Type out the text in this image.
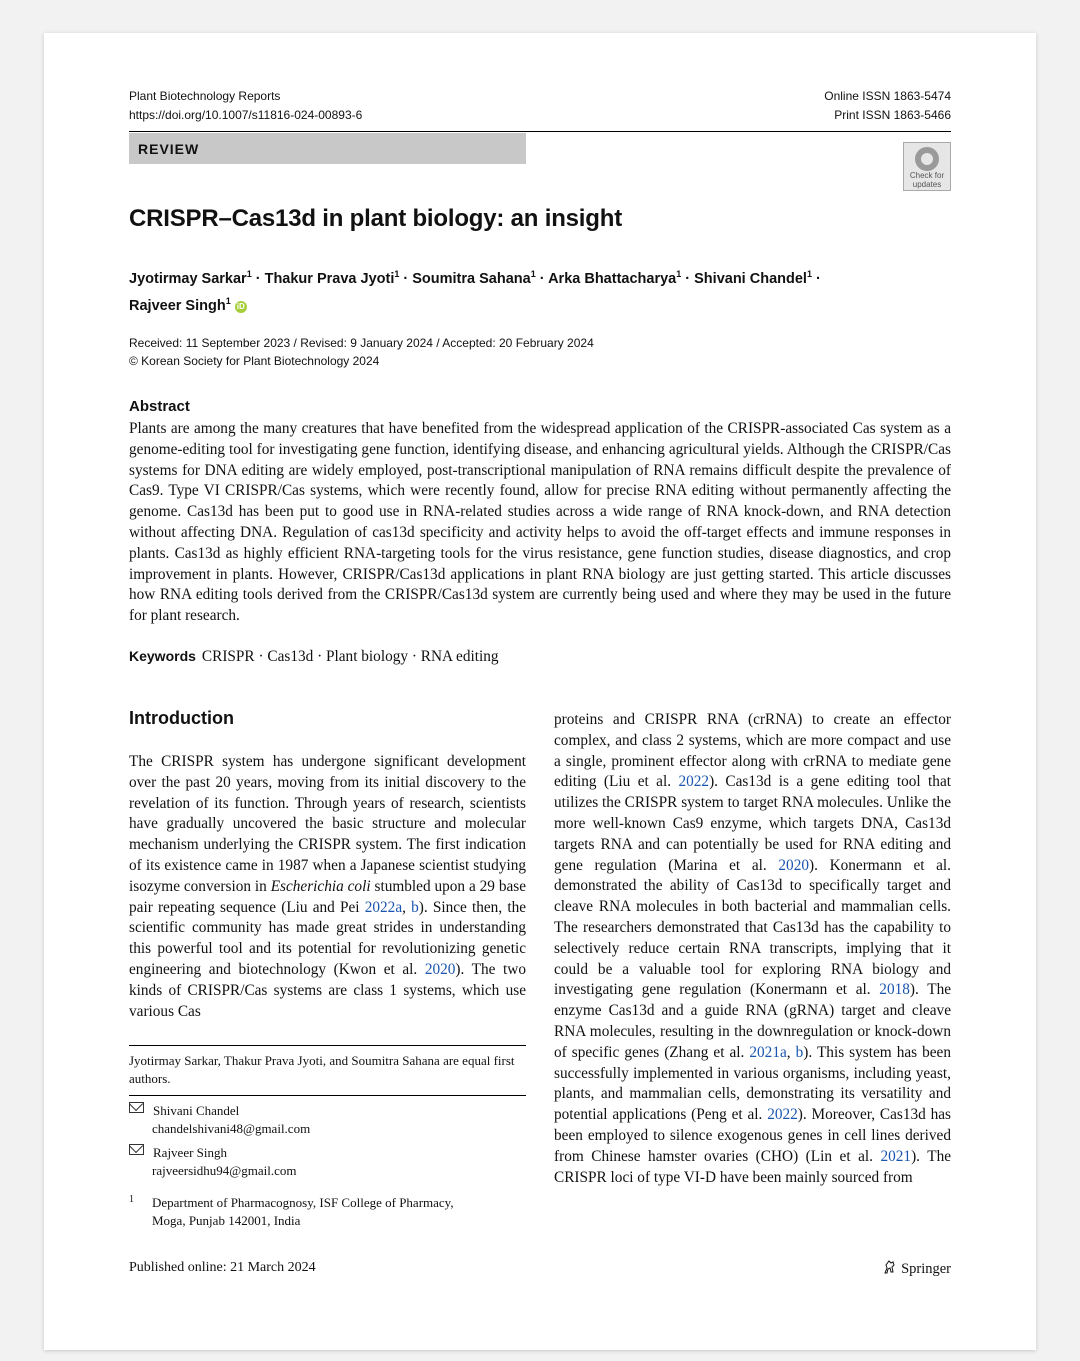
Plant Biotechnology Reports
https://doi.org/10.1007/s11816-024-00893-6
Online ISSN 1863-5474
Print ISSN 1863-5466
REVIEW
Check for
updates
CRISPR–Cas13d in plant biology: an insight
Jyotirmay Sarkar$^1$ · Thakur Prava Jyoti$^1$ · Soumitra Sahana$^1$ · Arka Bhattacharya$^1$ · Shivani Chandel$^1$ ·
Rajveer Singh$^1$ iD
Received: 11 September 2023 / Revised: 9 January 2024 / Accepted: 20 February 2024
© Korean Society for Plant Biotechnology 2024
Abstract
Plants are among the many creatures that have benefited from the widespread application of the CRISPR-associated Cas system as a genome-editing tool for investigating gene function, identifying disease, and enhancing agricultural yields. Although the CRISPR/Cas systems for DNA editing are widely employed, post-transcriptional manipulation of RNA remains difficult despite the prevalence of Cas9. Type VI CRISPR/Cas systems, which were recently found, allow for precise RNA editing without permanently affecting the genome. Cas13d has been put to good use in RNA-related studies across a wide range of RNA knock-down, and RNA detection without affecting DNA. Regulation of cas13d specificity and activity helps to avoid the off-target effects and immune responses in plants. Cas13d as highly efficient RNA-targeting tools for the virus resistance, gene function studies, disease diagnostics, and crop improvement in plants. However, CRISPR/Cas13d applications in plant RNA biology are just getting started. This article discusses how RNA editing tools derived from the CRISPR/Cas13d system are currently being used and where they may be used in the future for plant research.
Keywords CRISPR · Cas13d · Plant biology · RNA editing
Introduction
The CRISPR system has undergone significant development over the past 20 years, moving from its initial discovery to the revelation of its function. Through years of research, scientists have gradually uncovered the basic structure and molecular mechanism underlying the CRISPR system. The first indication of its existence came in 1987 when a Japanese scientist studying isozyme conversion in Escherichia coli stumbled upon a 29 base pair repeating sequence (Liu and Pei 2022a, b). Since then, the scientific community has made great strides in understanding this powerful tool and its potential for revolutionizing genetic engineering and biotechnology (Kwon et al. 2020). The two kinds of CRISPR/Cas systems are class 1 systems, which use various Cas
proteins and CRISPR RNA (crRNA) to create an effector complex, and class 2 systems, which are more compact and use a single, prominent effector along with crRNA to mediate gene editing (Liu et al. 2022). Cas13d is a gene editing tool that utilizes the CRISPR system to target RNA molecules. Unlike the more well-known Cas9 enzyme, which targets DNA, Cas13d targets RNA and can potentially be used for RNA editing and gene regulation (Marina et al. 2020). Konermann et al. demonstrated the ability of Cas13d to specifically target and cleave RNA molecules in both bacterial and mammalian cells. The researchers demonstrated that Cas13d has the capability to selectively reduce certain RNA transcripts, implying that it could be a valuable tool for exploring RNA biology and investigating gene regulation (Konermann et al. 2018). The enzyme Cas13d and a guide RNA (gRNA) target and cleave RNA molecules, resulting in the downregulation or knock-down of specific genes (Zhang et al. 2021a, b). This system has been successfully implemented in various organisms, including yeast, plants, and mammalian cells, demonstrating its versatility and potential applications (Peng et al. 2022). Moreover, Cas13d has been employed to silence exogenous genes in cell lines derived from Chinese hamster ovaries (CHO) (Lin et al. 2021). The CRISPR loci of type VI-D have been mainly sourced from
Jyotirmay Sarkar, Thakur Prava Jyoti, and Soumitra Sahana are equal first authors.
Shivani Chandel
chandelshivani48@gmail.com
Rajveer Singh
rajveersidhu94@gmail.com
1 Department of Pharmacognosy, ISF College of Pharmacy,
Moga, Punjab 142001, India
Published online: 21 March 2024	Springer
